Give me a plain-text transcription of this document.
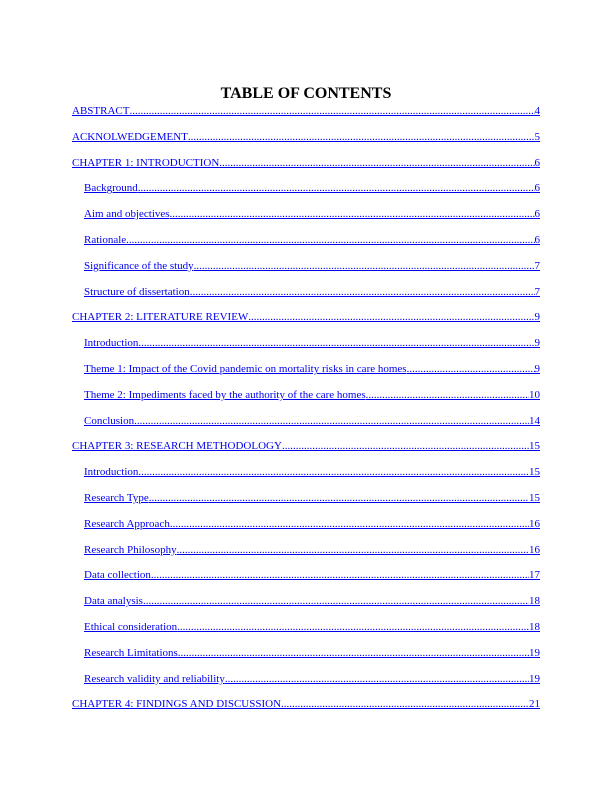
TABLE OF CONTENTS
ABSTRACT .....	4
ACKNOLWEDGEMENT .....	5
CHAPTER 1: INTRODUCTION .....	6
Background .....	6
Aim and objectives .....	6
Rationale .....	6
Significance of the study .....	7
Structure of dissertation .....	7
CHAPTER 2: LITERATURE REVIEW .....	9
Introduction .....	9
Theme 1: Impact of the Covid pandemic on mortality risks in care homes .....	9
Theme 2: Impediments faced by the authority of the care homes .....	10
Conclusion .....	14
CHAPTER 3: RESEARCH METHODOLOGY .....	15
Introduction .....	15
Research Type .....	15
Research Approach .....	16
Research Philosophy .....	16
Data collection .....	17
Data analysis .....	18
Ethical consideration .....	18
Research Limitations .....	19
Research validity and reliability .....	19
CHAPTER 4: FINDINGS AND DISCUSSION .....	21
